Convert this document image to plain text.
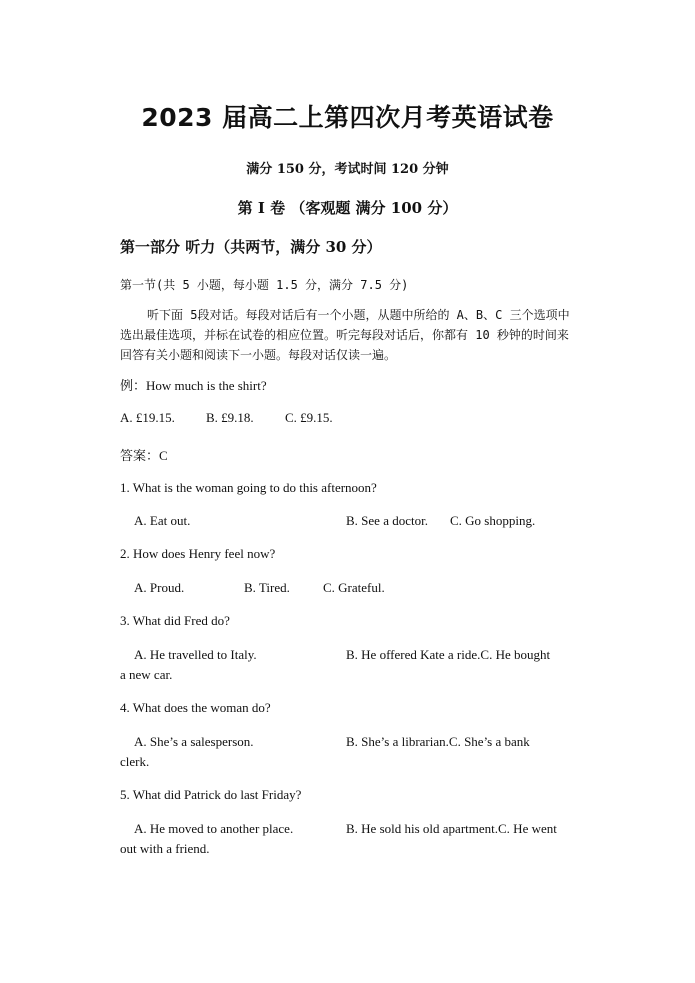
2023 届高二上第四次月考英语试卷
满分 150 分，考试时间 120 分钟
第 I 卷 （客观题 满分 100 分）
第一部分 听力（共两节，满分 30 分）
第一节(共 5 小题，每小题 1.5 分，满分 7.5 分)
听下面 5段对话。每段对话后有一个小题，从题中所给的 A、B、C 三个选项中选出最佳选项，并标在试卷的相应位置。听完每段对话后，你都有 10 秒钟的时间来回答有关小题和阅读下一小题。每段对话仅读一遍。
例：How much is the shirt?
A. £19.15. B. £9.18. C. £9.15.
答案：C
1. What is the woman going to do this afternoon?
A. Eat out.	B. See a doctor. C. Go shopping.
2. How does Henry feel now?
A. Proud.	B. Tired.	C. Grateful.
3. What did Fred do?
A. He travelled to Italy.	B. He offered Kate a ride.C. He bought
a new car.
4. What does the woman do?
A. She’s a salesperson.	B. She’s a librarian.C. She’s a bank
clerk.
5. What did Patrick do last Friday?
A. He moved to another place.	B. He sold his old apartment.C. He went
out with a friend.
